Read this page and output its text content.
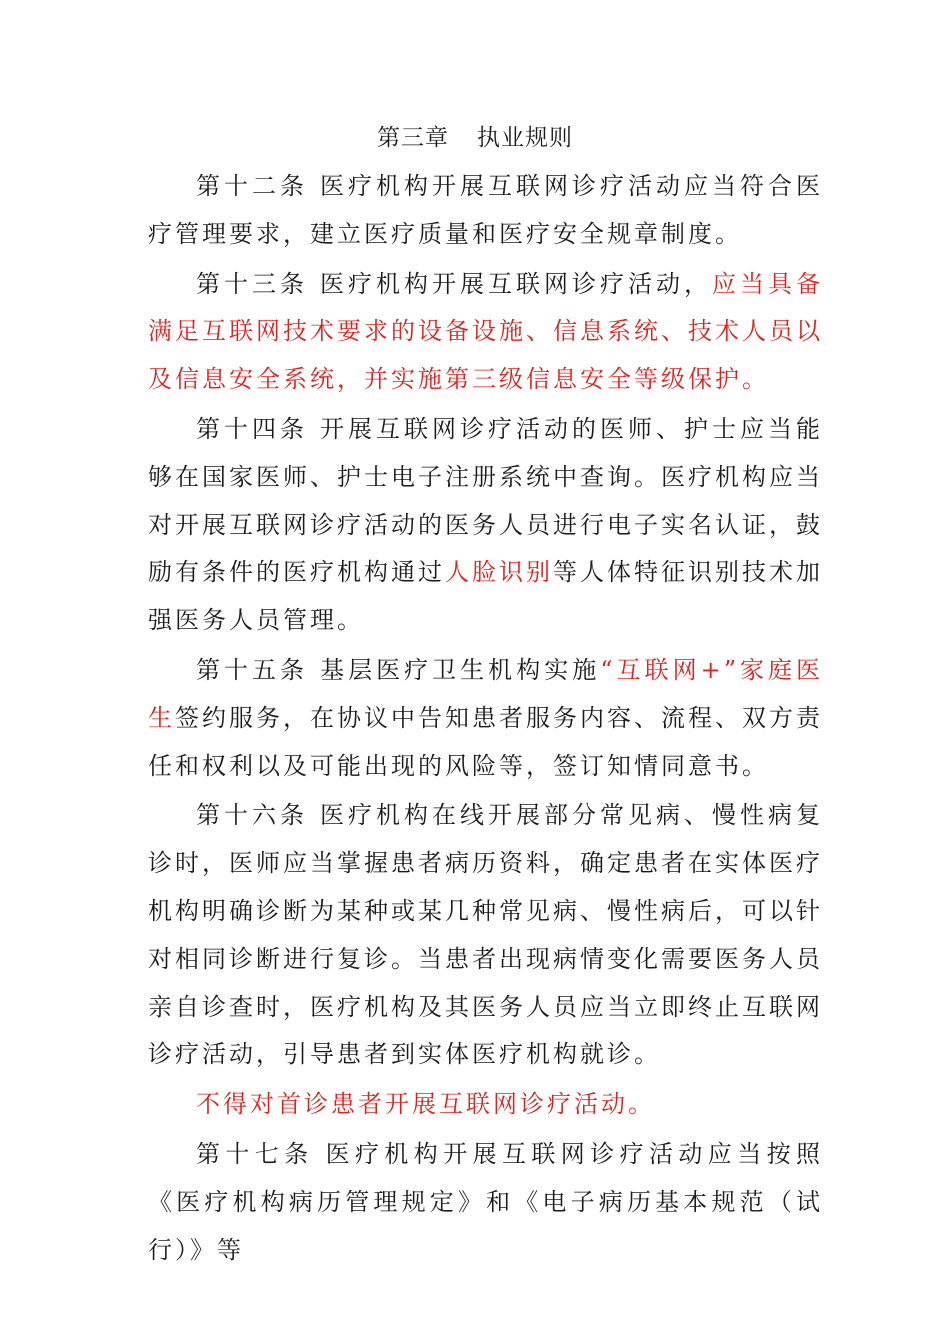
第三章 执业规则

第十二条 医疗机构开展互联网诊疗活动应当符合医疗管理要求，建立医疗质量和医疗安全规章制度。

第十三条 医疗机构开展互联网诊疗活动，应当具备满足互联网技术要求的设备设施、信息系统、技术人员以及信息安全系统，并实施第三级信息安全等级保护。

第十四条 开展互联网诊疗活动的医师、护士应当能够在国家医师、护士电子注册系统中查询。医疗机构应当对开展互联网诊疗活动的医务人员进行电子实名认证，鼓励有条件的医疗机构通过人脸识别等人体特征识别技术加强医务人员管理。

第十五条 基层医疗卫生机构实施“互联网+”家庭医生签约服务，在协议中告知患者服务内容、流程、双方责任和权利以及可能出现的风险等，签订知情同意书。

第十六条 医疗机构在线开展部分常见病、慢性病复诊时，医师应当掌握患者病历资料，确定患者在实体医疗机构明确诊断为某种或某几种常见病、慢性病后，可以针对相同诊断进行复诊。当患者出现病情变化需要医务人员亲自诊查时，医疗机构及其医务人员应当立即终止互联网诊疗活动，引导患者到实体医疗机构就诊。

不得对首诊患者开展互联网诊疗活动。

第十七条 医疗机构开展互联网诊疗活动应当按照《医疗机构病历管理规定》和《电子病历基本规范（试行）》等
